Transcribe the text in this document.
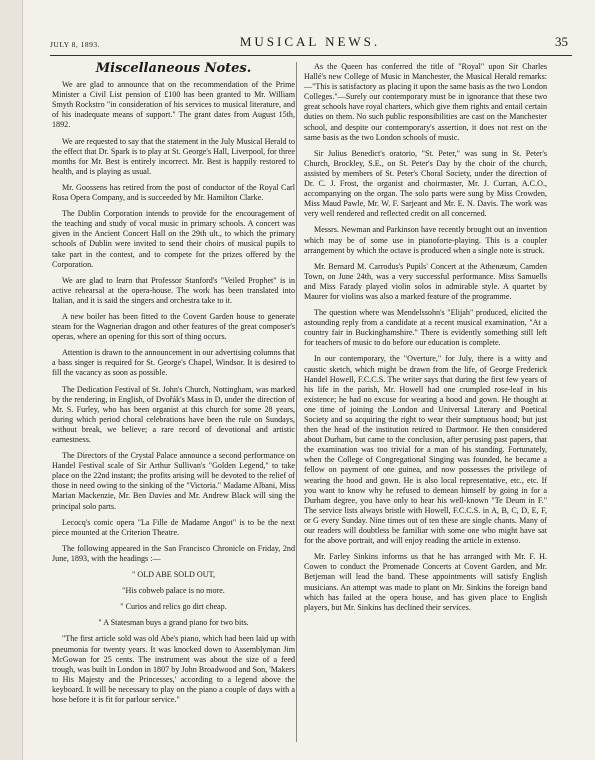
JULY 8, 1893.	MUSICAL NEWS.	35
Miscellaneous Notes.

We are glad to announce that on the recommendation of the Prime Minister a Civil List pension of £100 has been granted to Mr. William Smyth Rockstro "in consideration of his services to musical literature, and of his inadequate means of support." The grant dates from August 15th, 1892.

We are requested to say that the statement in the July Musical Herald to the effect that Dr. Spark is to play at St. George's Hall, Liverpool, for three months for Mr. Best is entirely incorrect. Mr. Best is happily restored to health, and is playing as usual.

Mr. Goossens has retired from the post of conductor of the Royal Carl Rosa Opera Company, and is succeeded by Mr. Hamilton Clarke.

The Dublin Corporation intends to provide for the encouragement of the teaching and study of vocal music in primary schools. A concert was given in the Ancient Concert Hall on the 29th ult., to which the primary schools of Dublin were invited to send their choirs of musical pupils to take part in the contest, and to compete for the prizes offered by the Corporation.

We are glad to learn that Professor Stanford's "Veiled Prophet" is in active rehearsal at the opera-house. The work has been translated into Italian, and it is said the singers and orchestra take to it.

A new boiler has been fitted to the Covent Garden house to generate steam for the Wagnerian dragon and other features of the great composer's operas, where an opening for this sort of thing occurs.

Attention is drawn to the announcement in our advertising columns that a bass singer is required for St. George's Chapel, Windsor. It is desired to fill the vacancy as soon as possible.

The Dedication Festival of St. John's Church, Nottingham, was marked by the rendering, in English, of Dvořák's Mass in D, under the direction of Mr. S. Furley, who has been organist at this church for some 28 years, during which period choral celebrations have been the rule on Sundays, without break, we believe; a rare record of devotional and artistic earnestness.

The Directors of the Crystal Palace announce a second performance on Handel Festival scale of Sir Arthur Sullivan's "Golden Legend," to take place on the 22nd instant; the profits arising will be devoted to the relief of those in need owing to the sinking of the "Victoria." Madame Albani, Miss Marian Mackenzie, Mr. Ben Davies and Mr. Andrew Black will sing the principal solo parts.

Lecocq's comic opera "La Fille de Madame Angot" is to be the next piece mounted at the Criterion Theatre.

The following appeared in the San Francisco Chronicle on Friday, 2nd June, 1893, with the headings :—

" OLD ABE SOLD OUT,

"His cobweb palace is no more.

" Curios and relics go dirt cheap.

" A Statesman buys a grand piano for two bits.

"The first article sold was old Abe's piano, which had been laid up with pneumonia for twenty years. It was knocked down to Assemblyman Jim McGowan for 25 cents. The instrument was about the size of a feed trough, was built in London in 1807 by John Broadwood and Son, 'Makers to His Majesty and the Princesses,' according to a legend above the keyboard. It will be necessary to play on the piano a couple of days with a hose before it is fit for parlour service."

As the Queen has conferred the title of "Royal" upon Sir Charles Hallé's new College of Music in Manchester, the Musical Herald remarks:—"This is satisfactory as placing it upon the same basis as the two London Colleges."—Surely our contemporary must be in ignorance that these two great schools have royal charters, which give them rights and entail certain duties on them. No such public responsibilities are cast on the Manchester school, and despite our contemporary's assertion, it does not rest on the same basis as the two London schools of music.

Sir Julius Benedict's oratorio, "St. Peter," was sung in St. Peter's Church, Brockley, S.E., on St. Peter's Day by the choir of the church, assisted by members of St. Peter's Choral Society, under the direction of Dr. C. J. Frost, the organist and choirmaster, Mr. J. Curran, A.C.O., accompanying on the organ. The solo parts were sung by Miss Crowden, Miss Maud Pawle, Mr. W. F. Sarjeant and Mr. E. N. Davis. The work was very well rendered and reflected credit on all concerned.

Messrs. Newman and Parkinson have recently brought out an invention which may be of some use in pianoforte-playing. This is a coupler arrangement by which the octave is produced when a single note is struck.

Mr. Bernard M. Carrodus's Pupils' Concert at the Athenæum, Camden Town, on June 24th, was a very successful performance. Miss Samuells and Miss Farady played violin solos in admirable style. A quartet by Maurer for violins was also a marked feature of the programme.

The question where was Mendelssohn's "Elijah" produced, elicited the astounding reply from a candidate at a recent musical examination, "At a country fair in Buckinghamshire." There is evidently something still left for teachers of music to do before our education is complete.

In our contemporary, the "Overture," for July, there is a witty and caustic sketch, which might be drawn from the life, of George Frederick Handel Howell, F.C.C.S. The writer says that during the first few years of his life in the parish, Mr. Howell had one crumpled rose-leaf in his existence; he had no excuse for wearing a hood and gown. He thought at one time of joining the London and Universal Literary and Poetical Society and so acquiring the right to wear their sumptuous hood; but just then the head of the institution retired to Dartmoor. He then considered about Durham, but came to the conclusion, after perusing past papers, that the examination was too trivial for a man of his standing. Fortunately, when the College of Congregational Singing was founded, he became a fellow on payment of one guinea, and now possesses the privilege of wearing the hood and gown. He is also local representative, etc., etc. If you want to know why he refused to demean himself by going in for a Durham degree, you have only to hear his well-known "Te Deum in F." The service lists always bristle with Howell, F.C.C.S. in A, B, C, D, E, F, or G every Sunday. Nine times out of ten these are single chants. Many of our readers will doubtless be familiar with some one who might have sat for the above portrait, and will enjoy reading the article in extenso.

Mr. Farley Sinkins informs us that he has arranged with Mr. F. H. Cowen to conduct the Promenade Concerts at Covent Garden, and Mr. Betjeman will lead the band. These appointments will satisfy English musicians. An attempt was made to plant on Mr. Sinkins the foreign band which has failed at the opera house, and has given place to English players, but Mr. Sinkins has declined their services.
